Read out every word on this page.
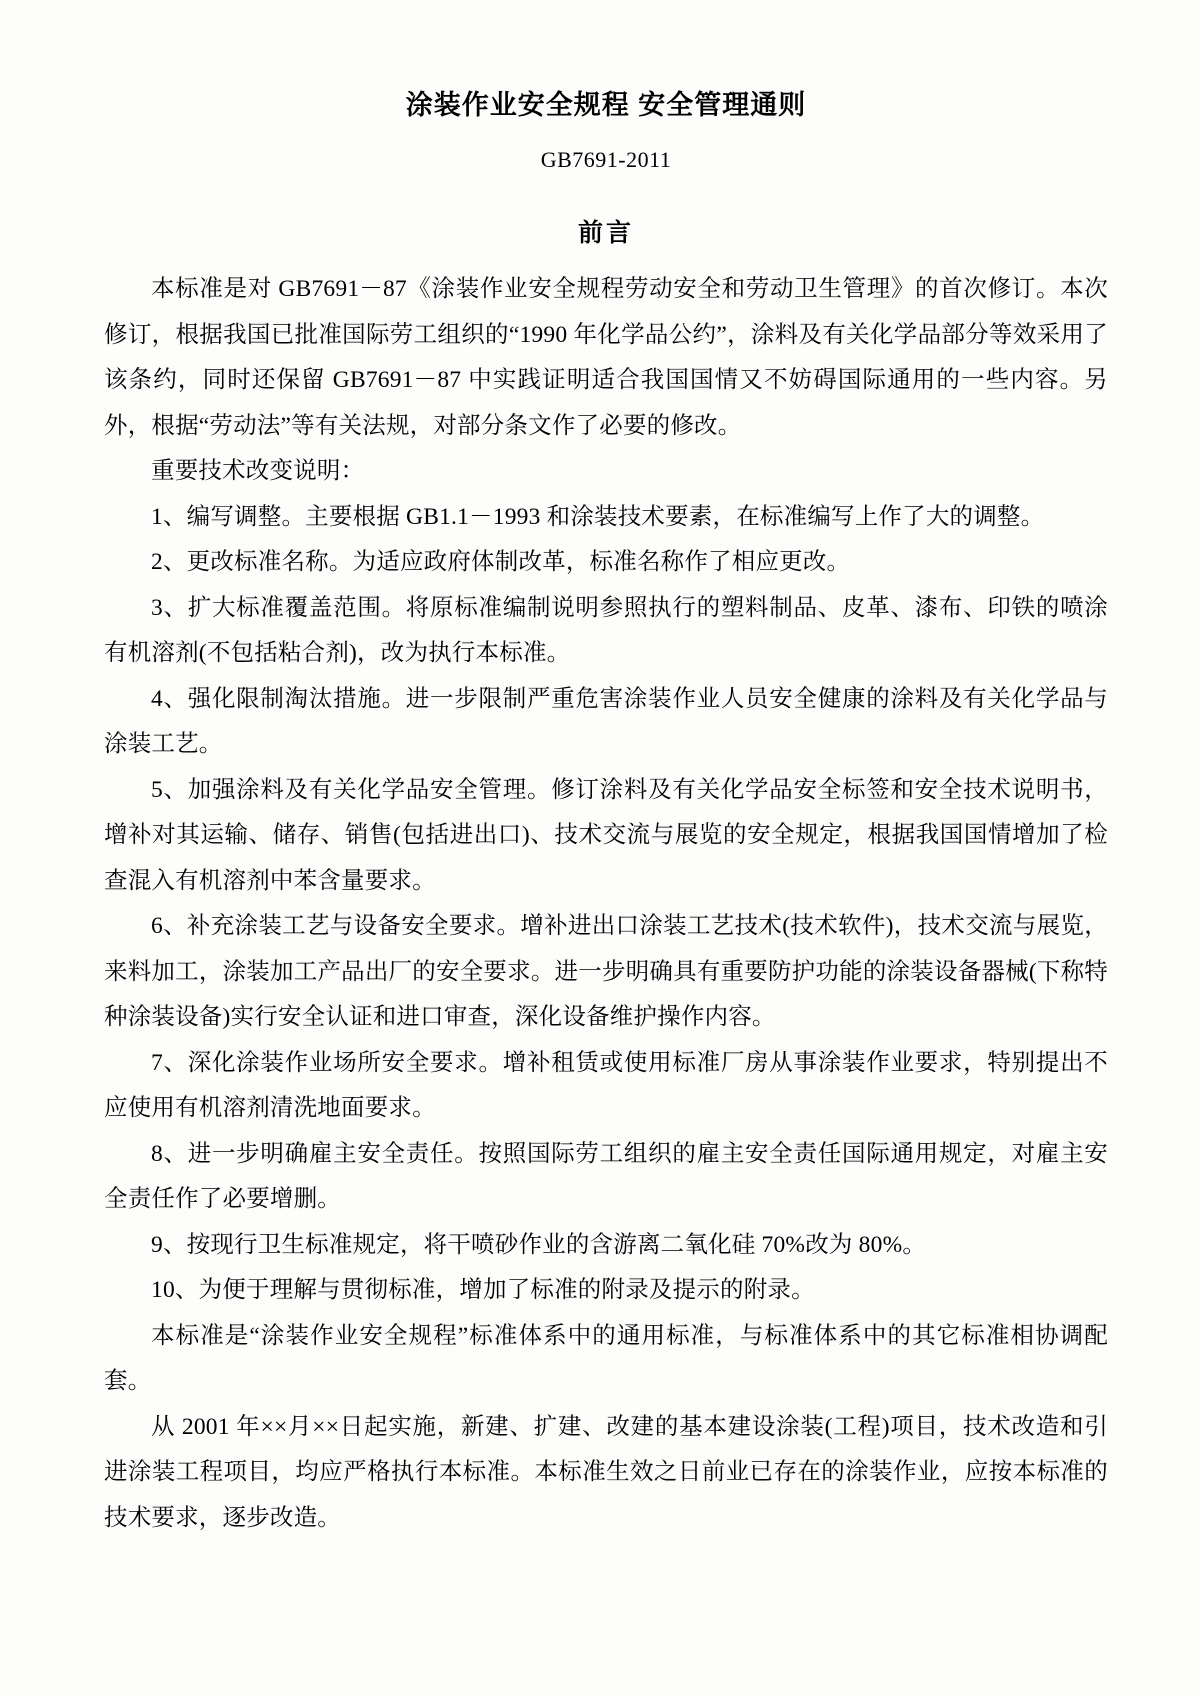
涂装作业安全规程 安全管理通则
GB7691-2011
前言

本标准是对 GB7691－87《涂装作业安全规程劳动安全和劳动卫生管理》的首次修订。本次修订，根据我国已批准国际劳工组织的“1990 年化学品公约”，涂料及有关化学品部分等效采用了该条约，同时还保留 GB7691－87 中实践证明适合我国国情又不妨碍国际通用的一些内容。另外，根据“劳动法”等有关法规，对部分条文作了必要的修改。

重要技术改变说明：

1、编写调整。主要根据 GB1.1－1993 和涂装技术要素，在标准编写上作了大的调整。

2、更改标准名称。为适应政府体制改革，标准名称作了相应更改。

3、扩大标准覆盖范围。将原标准编制说明参照执行的塑料制品、皮革、漆布、印铁的喷涂有机溶剂(不包括粘合剂)，改为执行本标准。

4、强化限制淘汰措施。进一步限制严重危害涂装作业人员安全健康的涂料及有关化学品与涂装工艺。

5、加强涂料及有关化学品安全管理。修订涂料及有关化学品安全标签和安全技术说明书，增补对其运输、储存、销售(包括进出口)、技术交流与展览的安全规定，根据我国国情增加了检查混入有机溶剂中苯含量要求。

6、补充涂装工艺与设备安全要求。增补进出口涂装工艺技术(技术软件)，技术交流与展览，来料加工，涂装加工产品出厂的安全要求。进一步明确具有重要防护功能的涂装设备器械(下称特种涂装设备)实行安全认证和进口审查，深化设备维护操作内容。

7、深化涂装作业场所安全要求。增补租赁或使用标准厂房从事涂装作业要求，特别提出不应使用有机溶剂清洗地面要求。

8、进一步明确雇主安全责任。按照国际劳工组织的雇主安全责任国际通用规定，对雇主安全责任作了必要增删。

9、按现行卫生标准规定，将干喷砂作业的含游离二氧化硅 70%改为 80%。

10、为便于理解与贯彻标准，增加了标准的附录及提示的附录。

本标准是“涂装作业安全规程”标准体系中的通用标准，与标准体系中的其它标准相协调配套。

从 2001 年××月××日起实施，新建、扩建、改建的基本建设涂装(工程)项目，技术改造和引进涂装工程项目，均应严格执行本标准。本标准生效之日前业已存在的涂装作业，应按本标准的技术要求，逐步改造。
